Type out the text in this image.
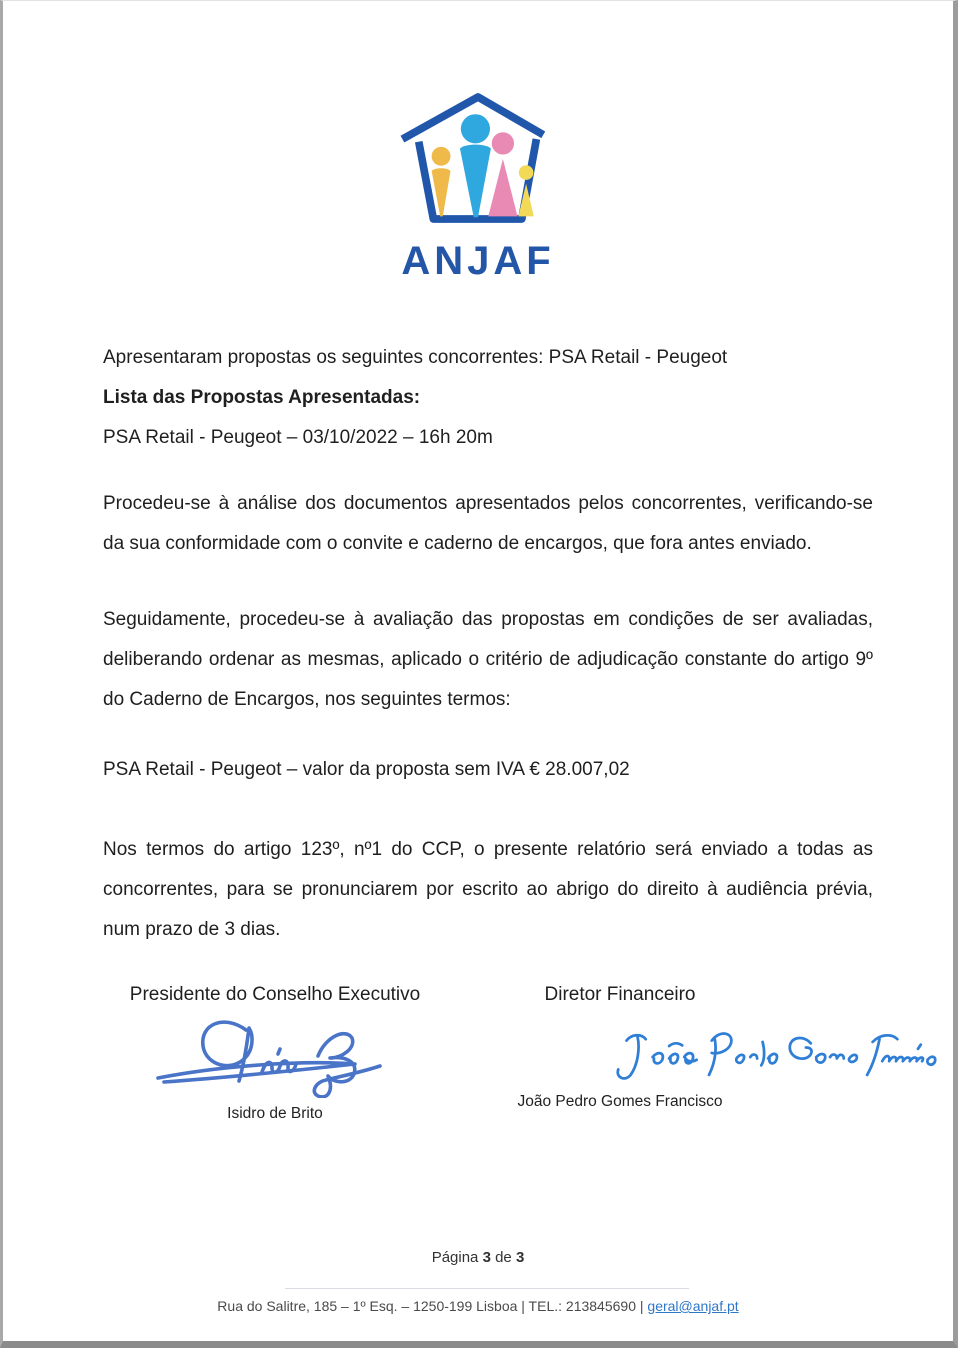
ANJAF

Apresentaram propostas os seguintes concorrentes: PSA Retail - Peugeot

Lista das Propostas Apresentadas:

PSA Retail - Peugeot – 03/10/2022 – 16h 20m

Procedeu-se à análise dos documentos apresentados pelos concorrentes, verificando-se da sua conformidade com o convite e caderno de encargos, que fora antes enviado.

Seguidamente, procedeu-se à avaliação das propostas em condições de ser avaliadas, deliberando ordenar as mesmas, aplicado o critério de adjudicação constante do artigo 9º do Caderno de Encargos, nos seguintes termos:

PSA Retail - Peugeot – valor da proposta sem IVA € 28.007,02

Nos termos do artigo 123º, nº1 do CCP, o presente relatório será enviado a todas as concorrentes, para se pronunciarem por escrito ao abrigo do direito à audiência prévia, num prazo de 3 dias.

Presidente do Conselho Executivo
Isidro de Brito
Diretor Financeiro
João Pedro Gomes Francisco
Página 3 de 3
Rua do Salitre, 185 – 1º Esq. – 1250-199 Lisboa | TEL.: 213845690 | geral@anjaf.pt
